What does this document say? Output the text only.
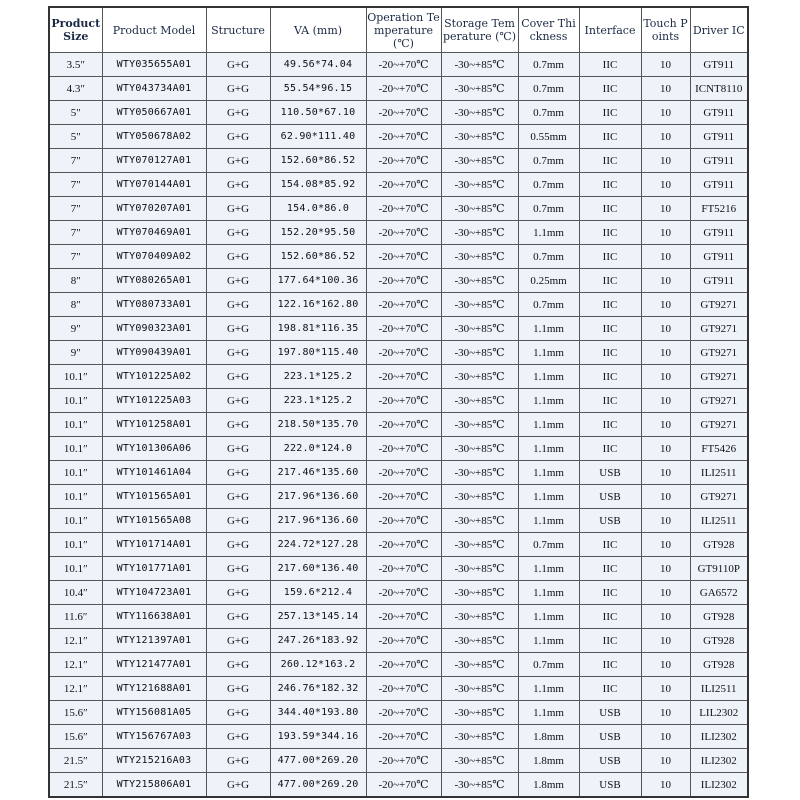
Product Size	Product Model	Structure	VA (mm)	Operation Temperature (℃)	Storage Temperature (℃)	Cover Thickness	Interface	Touch Points	Driver IC
3.5″	WTY035655A01	G+G	49.56*74.04	-20~+70℃	-30~+85℃	0.7mm	IIC	10	GT911
4.3″	WTY043734A01	G+G	55.54*96.15	-20~+70℃	-30~+85℃	0.7mm	IIC	10	ICNT8110
5″	WTY050667A01	G+G	110.50*67.10	-20~+70℃	-30~+85℃	0.7mm	IIC	10	GT911
5″	WTY050678A02	G+G	62.90*111.40	-20~+70℃	-30~+85℃	0.55mm	IIC	10	GT911
7″	WTY070127A01	G+G	152.60*86.52	-20~+70℃	-30~+85℃	0.7mm	IIC	10	GT911
7″	WTY070144A01	G+G	154.08*85.92	-20~+70℃	-30~+85℃	0.7mm	IIC	10	GT911
7″	WTY070207A01	G+G	154.0*86.0	-20~+70℃	-30~+85℃	0.7mm	IIC	10	FT5216
7″	WTY070469A01	G+G	152.20*95.50	-20~+70℃	-30~+85℃	1.1mm	IIC	10	GT911
7″	WTY070409A02	G+G	152.60*86.52	-20~+70℃	-30~+85℃	0.7mm	IIC	10	GT911
8″	WTY080265A01	G+G	177.64*100.36	-20~+70℃	-30~+85℃	0.25mm	IIC	10	GT911
8″	WTY080733A01	G+G	122.16*162.80	-20~+70℃	-30~+85℃	0.7mm	IIC	10	GT9271
9″	WTY090323A01	G+G	198.81*116.35	-20~+70℃	-30~+85℃	1.1mm	IIC	10	GT9271
9″	WTY090439A01	G+G	197.80*115.40	-20~+70℃	-30~+85℃	1.1mm	IIC	10	GT9271
10.1″	WTY101225A02	G+G	223.1*125.2	-20~+70℃	-30~+85℃	1.1mm	IIC	10	GT9271
10.1″	WTY101225A03	G+G	223.1*125.2	-20~+70℃	-30~+85℃	1.1mm	IIC	10	GT9271
10.1″	WTY101258A01	G+G	218.50*135.70	-20~+70℃	-30~+85℃	1.1mm	IIC	10	GT9271
10.1″	WTY101306A06	G+G	222.0*124.0	-20~+70℃	-30~+85℃	1.1mm	IIC	10	FT5426
10.1″	WTY101461A04	G+G	217.46*135.60	-20~+70℃	-30~+85℃	1.1mm	USB	10	ILI2511
10.1″	WTY101565A01	G+G	217.96*136.60	-20~+70℃	-30~+85℃	1.1mm	USB	10	GT9271
10.1″	WTY101565A08	G+G	217.96*136.60	-20~+70℃	-30~+85℃	1.1mm	USB	10	ILI2511
10.1″	WTY101714A01	G+G	224.72*127.28	-20~+70℃	-30~+85℃	0.7mm	IIC	10	GT928
10.1″	WTY101771A01	G+G	217.60*136.40	-20~+70℃	-30~+85℃	1.1mm	IIC	10	GT9110P
10.4″	WTY104723A01	G+G	159.6*212.4	-20~+70℃	-30~+85℃	1.1mm	IIC	10	GA6572
11.6″	WTY116638A01	G+G	257.13*145.14	-20~+70℃	-30~+85℃	1.1mm	IIC	10	GT928
12.1″	WTY121397A01	G+G	247.26*183.92	-20~+70℃	-30~+85℃	1.1mm	IIC	10	GT928
12.1″	WTY121477A01	G+G	260.12*163.2	-20~+70℃	-30~+85℃	0.7mm	IIC	10	GT928
12.1″	WTY121688A01	G+G	246.76*182.32	-20~+70℃	-30~+85℃	1.1mm	IIC	10	ILI2511
15.6″	WTY156081A05	G+G	344.40*193.80	-20~+70℃	-30~+85℃	1.1mm	USB	10	LIL2302
15.6″	WTY156767A03	G+G	193.59*344.16	-20~+70℃	-30~+85℃	1.8mm	USB	10	ILI2302
21.5″	WTY215216A03	G+G	477.00*269.20	-20~+70℃	-30~+85℃	1.8mm	USB	10	ILI2302
21.5″	WTY215806A01	G+G	477.00*269.20	-20~+70℃	-30~+85℃	1.8mm	USB	10	ILI2302
